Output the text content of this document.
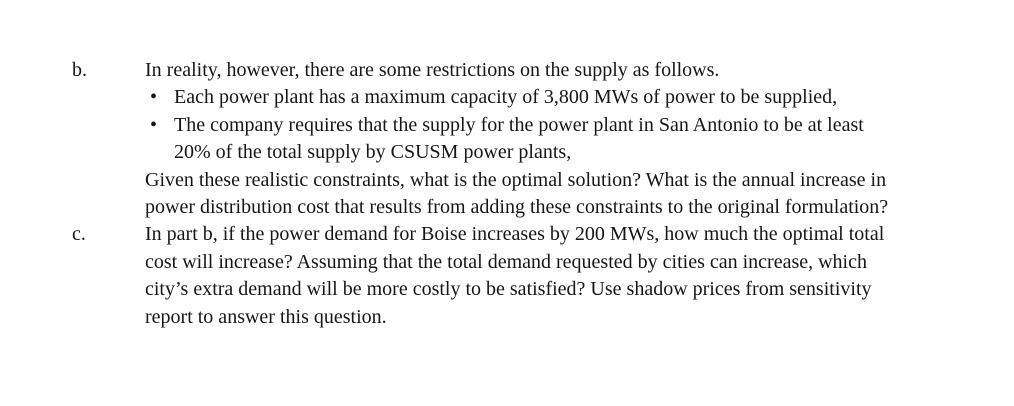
b.	In reality, however, there are some restrictions on the supply as follows.
• Each power plant has a maximum capacity of 3,800 MWs of power to be supplied,
• The company requires that the supply for the power plant in San Antonio to be at least
20% of the total supply by CSUSM power plants,
Given these realistic constraints, what is the optimal solution? What is the annual increase in
power distribution cost that results from adding these constraints to the original formulation?
c.	In part b, if the power demand for Boise increases by 200 MWs, how much the optimal total
cost will increase? Assuming that the total demand requested by cities can increase, which
city’s extra demand will be more costly to be satisfied? Use shadow prices from sensitivity
report to answer this question.
